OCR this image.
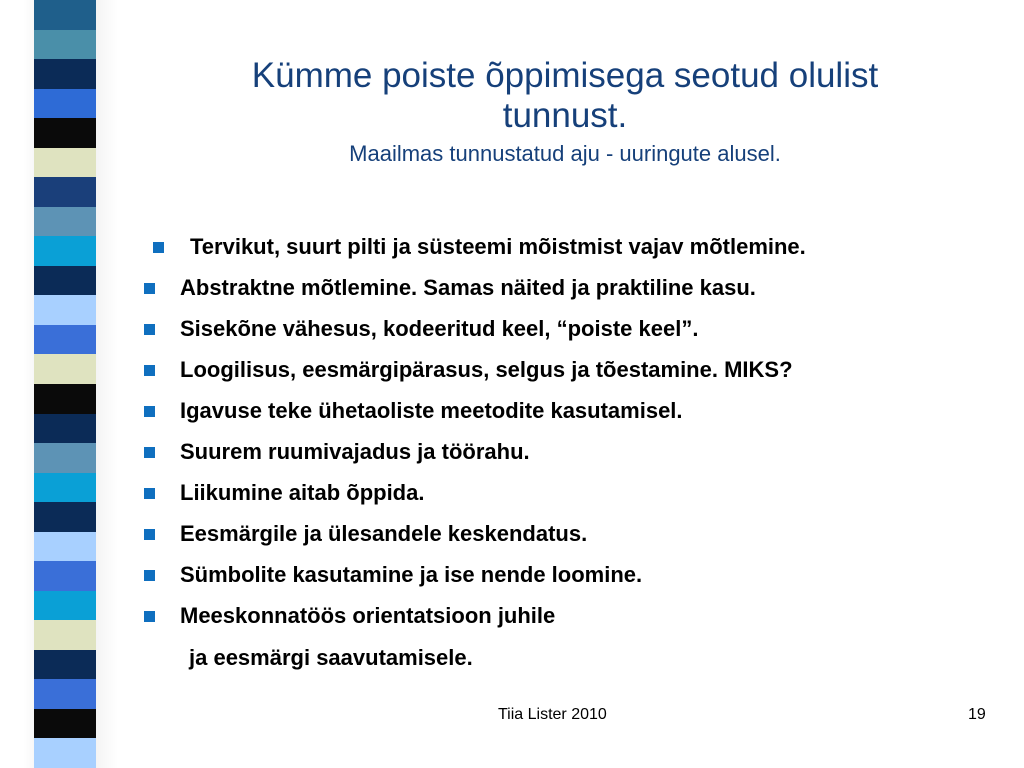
Kümme poiste õppimisega seotud olulist
tunnust.
Maailmas tunnustatud aju - uuringute alusel.
Tervikut, suurt pilti ja süsteemi mõistmist vajav mõtlemine.
Abstraktne mõtlemine. Samas näited ja praktiline kasu.
Sisekõne vähesus, kodeeritud keel, “poiste keel”.
Loogilisus, eesmärgipärasus, selgus ja tõestamine. MIKS?
Igavuse teke ühetaoliste meetodite kasutamisel.
Suurem ruumivajadus ja töörahu.
Liikumine aitab õppida.
Eesmärgile ja ülesandele keskendatus.
Sümbolite kasutamine ja ise nende loomine.
Meeskonnatöös orientatsioon juhile
ja eesmärgi saavutamisele.
Tiia Lister 2010	19
